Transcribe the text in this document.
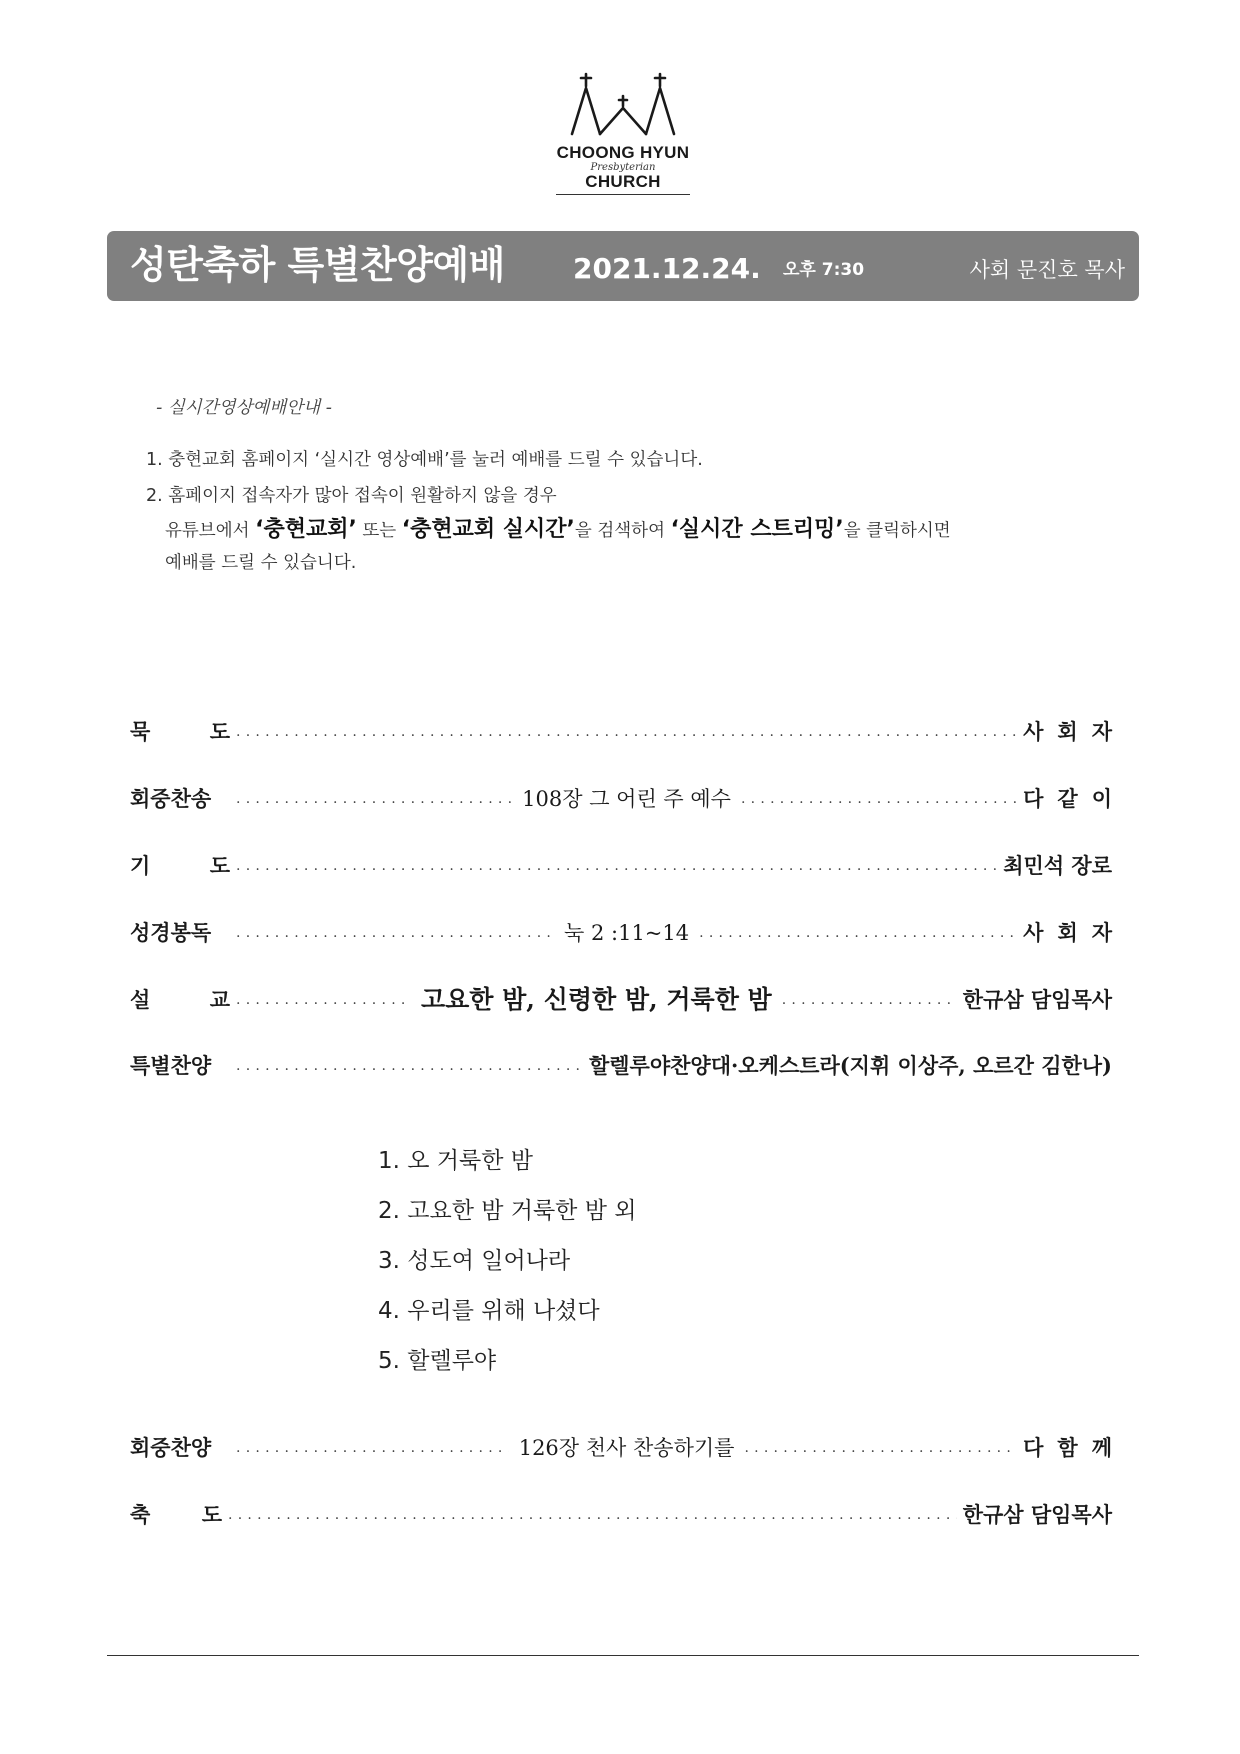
CHOONG HYUN
Presbyterian
CHURCH
성탄축하 특별찬양예배 2021.12.24. 오후 7:30	사회 문진호 목사
- 실시간영상예배안내 -
1. 충현교회 홈페이지 ‘실시간 영상예배’를 눌러 예배를 드릴 수 있습니다.
2. 홈페이지 접속자가 많아 접속이 원활하지 않을 경우
유튜브에서 ‘충현교회’ 또는 ‘충현교회 실시간’을 검색하여 ‘실시간 스트리밍’을 클릭하시면
예배를 드릴 수 있습니다.
묵	도 . . .	사회자
회중찬송 . . .	108장 그 어린 주 예수 . . .	다같이
기	도 . . .	최민석 장로
성경봉독 . . .	눅 2 :11~14 . . .	사회자
설	교 . . .	고요한 밤, 신령한 밤, 거룩한 밤 . . .	한규삼 담임목사
특별찬양 . . .	할렐루야찬양대·오케스트라(지휘 이상주, 오르간 김한나)
1. 오 거룩한 밤
2. 고요한 밤 거룩한 밤 외
3. 성도여 일어나라
4. 우리를 위해 나셨다
5. 할렐루야
회중찬양 . . .	126장 천사 찬송하기를 . . .	다함께
축 도 . . .	한규삼 담임목사
